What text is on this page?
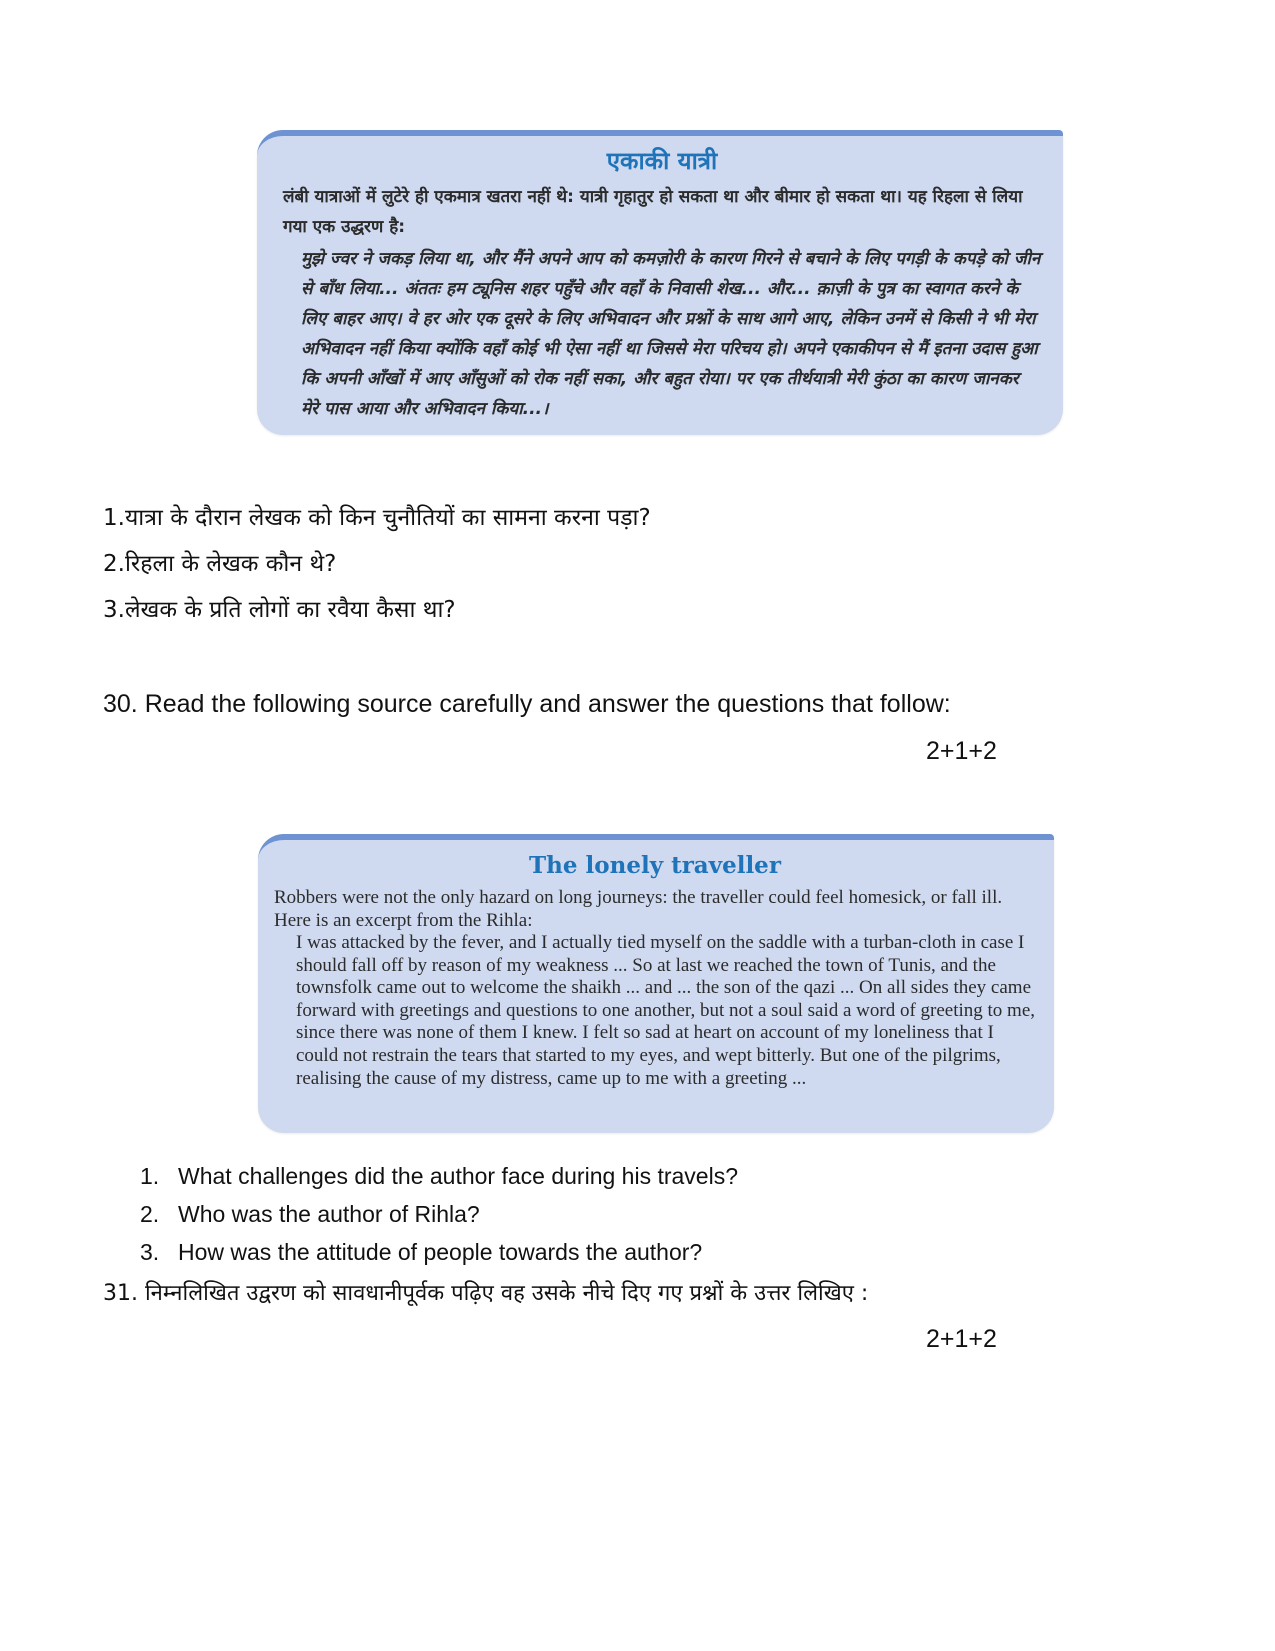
एकाकी यात्री

लंबी यात्राओं में लुटेरे ही एकमात्र खतरा नहीं थे: यात्री गृहातुर हो सकता था और बीमार हो सकता था। यह रिहला से लिया गया एक उद्धरण है:

मुझे ज्वर ने जकड़ लिया था, और मैंने अपने आप को कमज़ोरी के कारण गिरने से बचाने के लिए पगड़ी के कपड़े को जीन से बाँध लिया... अंततः हम ट्यूनिस शहर पहुँचे और वहाँ के निवासी शेख... और... क़ाज़ी के पुत्र का स्वागत करने के लिए बाहर आए। वे हर ओर एक दूसरे के लिए अभिवादन और प्रश्नों के साथ आगे आए, लेकिन उनमें से किसी ने भी मेरा अभिवादन नहीं किया क्योंकि वहाँ कोई भी ऐसा नहीं था जिससे मेरा परिचय हो। अपने एकाकीपन से मैं इतना उदास हुआ कि अपनी आँखों में आए आँसुओं को रोक नहीं सका, और बहुत रोया। पर एक तीर्थयात्री मेरी कुंठा का कारण जानकर मेरे पास आया और अभिवादन किया...।

1.यात्रा के दौरान लेखक को किन चुनौतियों का सामना करना पड़ा?

2.रिहला के लेखक कौन थे?

3.लेखक के प्रति लोगों का रवैया कैसा था?

30. Read the following source carefully and answer the questions that follow:

2+1+2

The lonely traveller

Robbers were not the only hazard on long journeys: the traveller could feel homesick, or fall ill. Here is an excerpt from the Rihla:

I was attacked by the fever, and I actually tied myself on the saddle with a turban-cloth in case I should fall off by reason of my weakness ... So at last we reached the town of Tunis, and the townsfolk came out to welcome the shaikh ... and ... the son of the qazi ... On all sides they came forward with greetings and questions to one another, but not a soul said a word of greeting to me, since there was none of them I knew. I felt so sad at heart on account of my loneliness that I could not restrain the tears that started to my eyes, and wept bitterly. But one of the pilgrims, realising the cause of my distress, came up to me with a greeting ...

1. What challenges did the author face during his travels?
2. Who was the author of Rihla?
3. How was the attitude of people towards the author?

31. निम्नलिखित उद्वरण को सावधानीपूर्वक पढ़िए वह उसके नीचे दिए गए प्रश्नों के उत्तर लिखिए :

2+1+2
